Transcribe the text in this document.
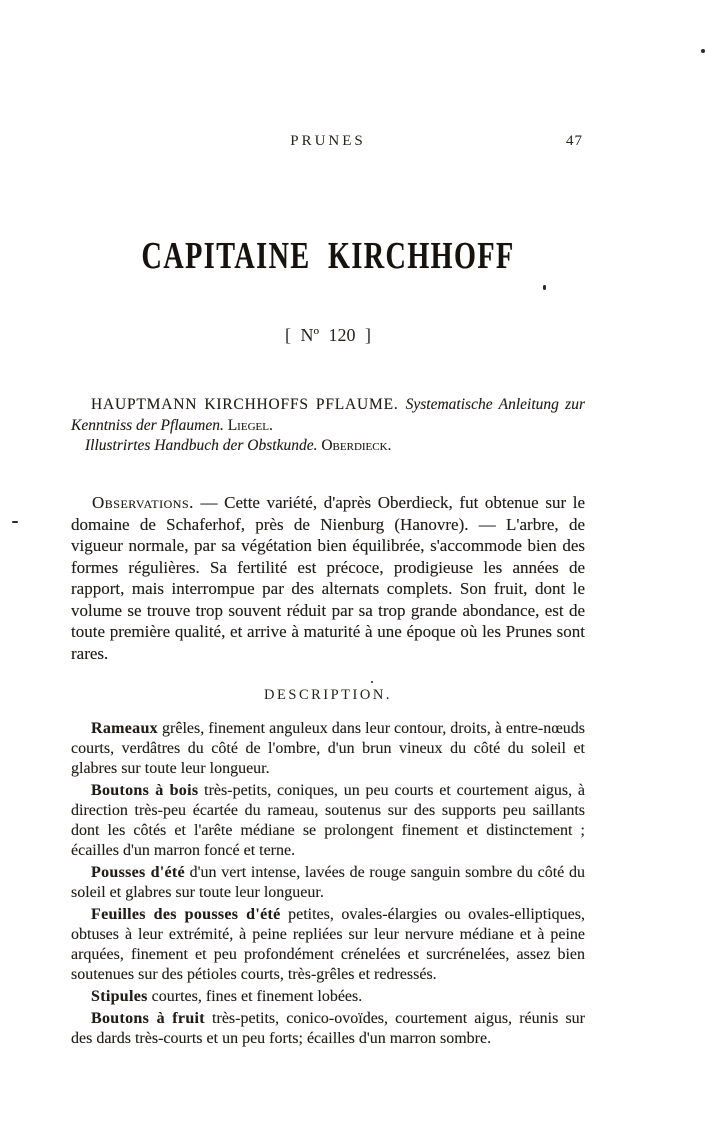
PRUNES	47
CAPITAINE KIRCHHOFF
[ Nº 120 ]

HAUPTMANN KIRCHHOFFS PFLAUME. Systematische Anleitung zur Kenntniss der Pflaumen. Liegel.

Illustrirtes Handbuch der Obstkunde. Oberdieck.

Observations. — Cette variété, d'après Oberdieck, fut obtenue sur le domaine de Schaferhof, près de Nienburg (Hanovre). — L'arbre, de vigueur normale, par sa végétation bien équilibrée, s'accommode bien des formes régulières. Sa fertilité est précoce, prodigieuse les années de rapport, mais interrompue par des alternats complets. Son fruit, dont le volume se trouve trop souvent réduit par sa trop grande abondance, est de toute première qualité, et arrive à maturité à une époque où les Prunes sont rares.

DESCRIPTION.

Rameaux grêles, finement anguleux dans leur contour, droits, à entre-nœuds courts, verdâtres du côté de l'ombre, d'un brun vineux du côté du soleil et glabres sur toute leur longueur.

Boutons à bois très-petits, coniques, un peu courts et courtement aigus, à direction très-peu écartée du rameau, soutenus sur des supports peu saillants dont les côtés et l'arête médiane se prolongent finement et distinctement ; écailles d'un marron foncé et terne.

Pousses d'été d'un vert intense, lavées de rouge sanguin sombre du côté du soleil et glabres sur toute leur longueur.

Feuilles des pousses d'été petites, ovales-élargies ou ovales-elliptiques, obtuses à leur extrémité, à peine repliées sur leur nervure médiane et à peine arquées, finement et peu profondément crénelées et surcrénelées, assez bien soutenues sur des pétioles courts, très-grêles et redressés.

Stipules courtes, fines et finement lobées.

Boutons à fruit très-petits, conico-ovoïdes, courtement aigus, réunis sur des dards très-courts et un peu forts; écailles d'un marron sombre.
